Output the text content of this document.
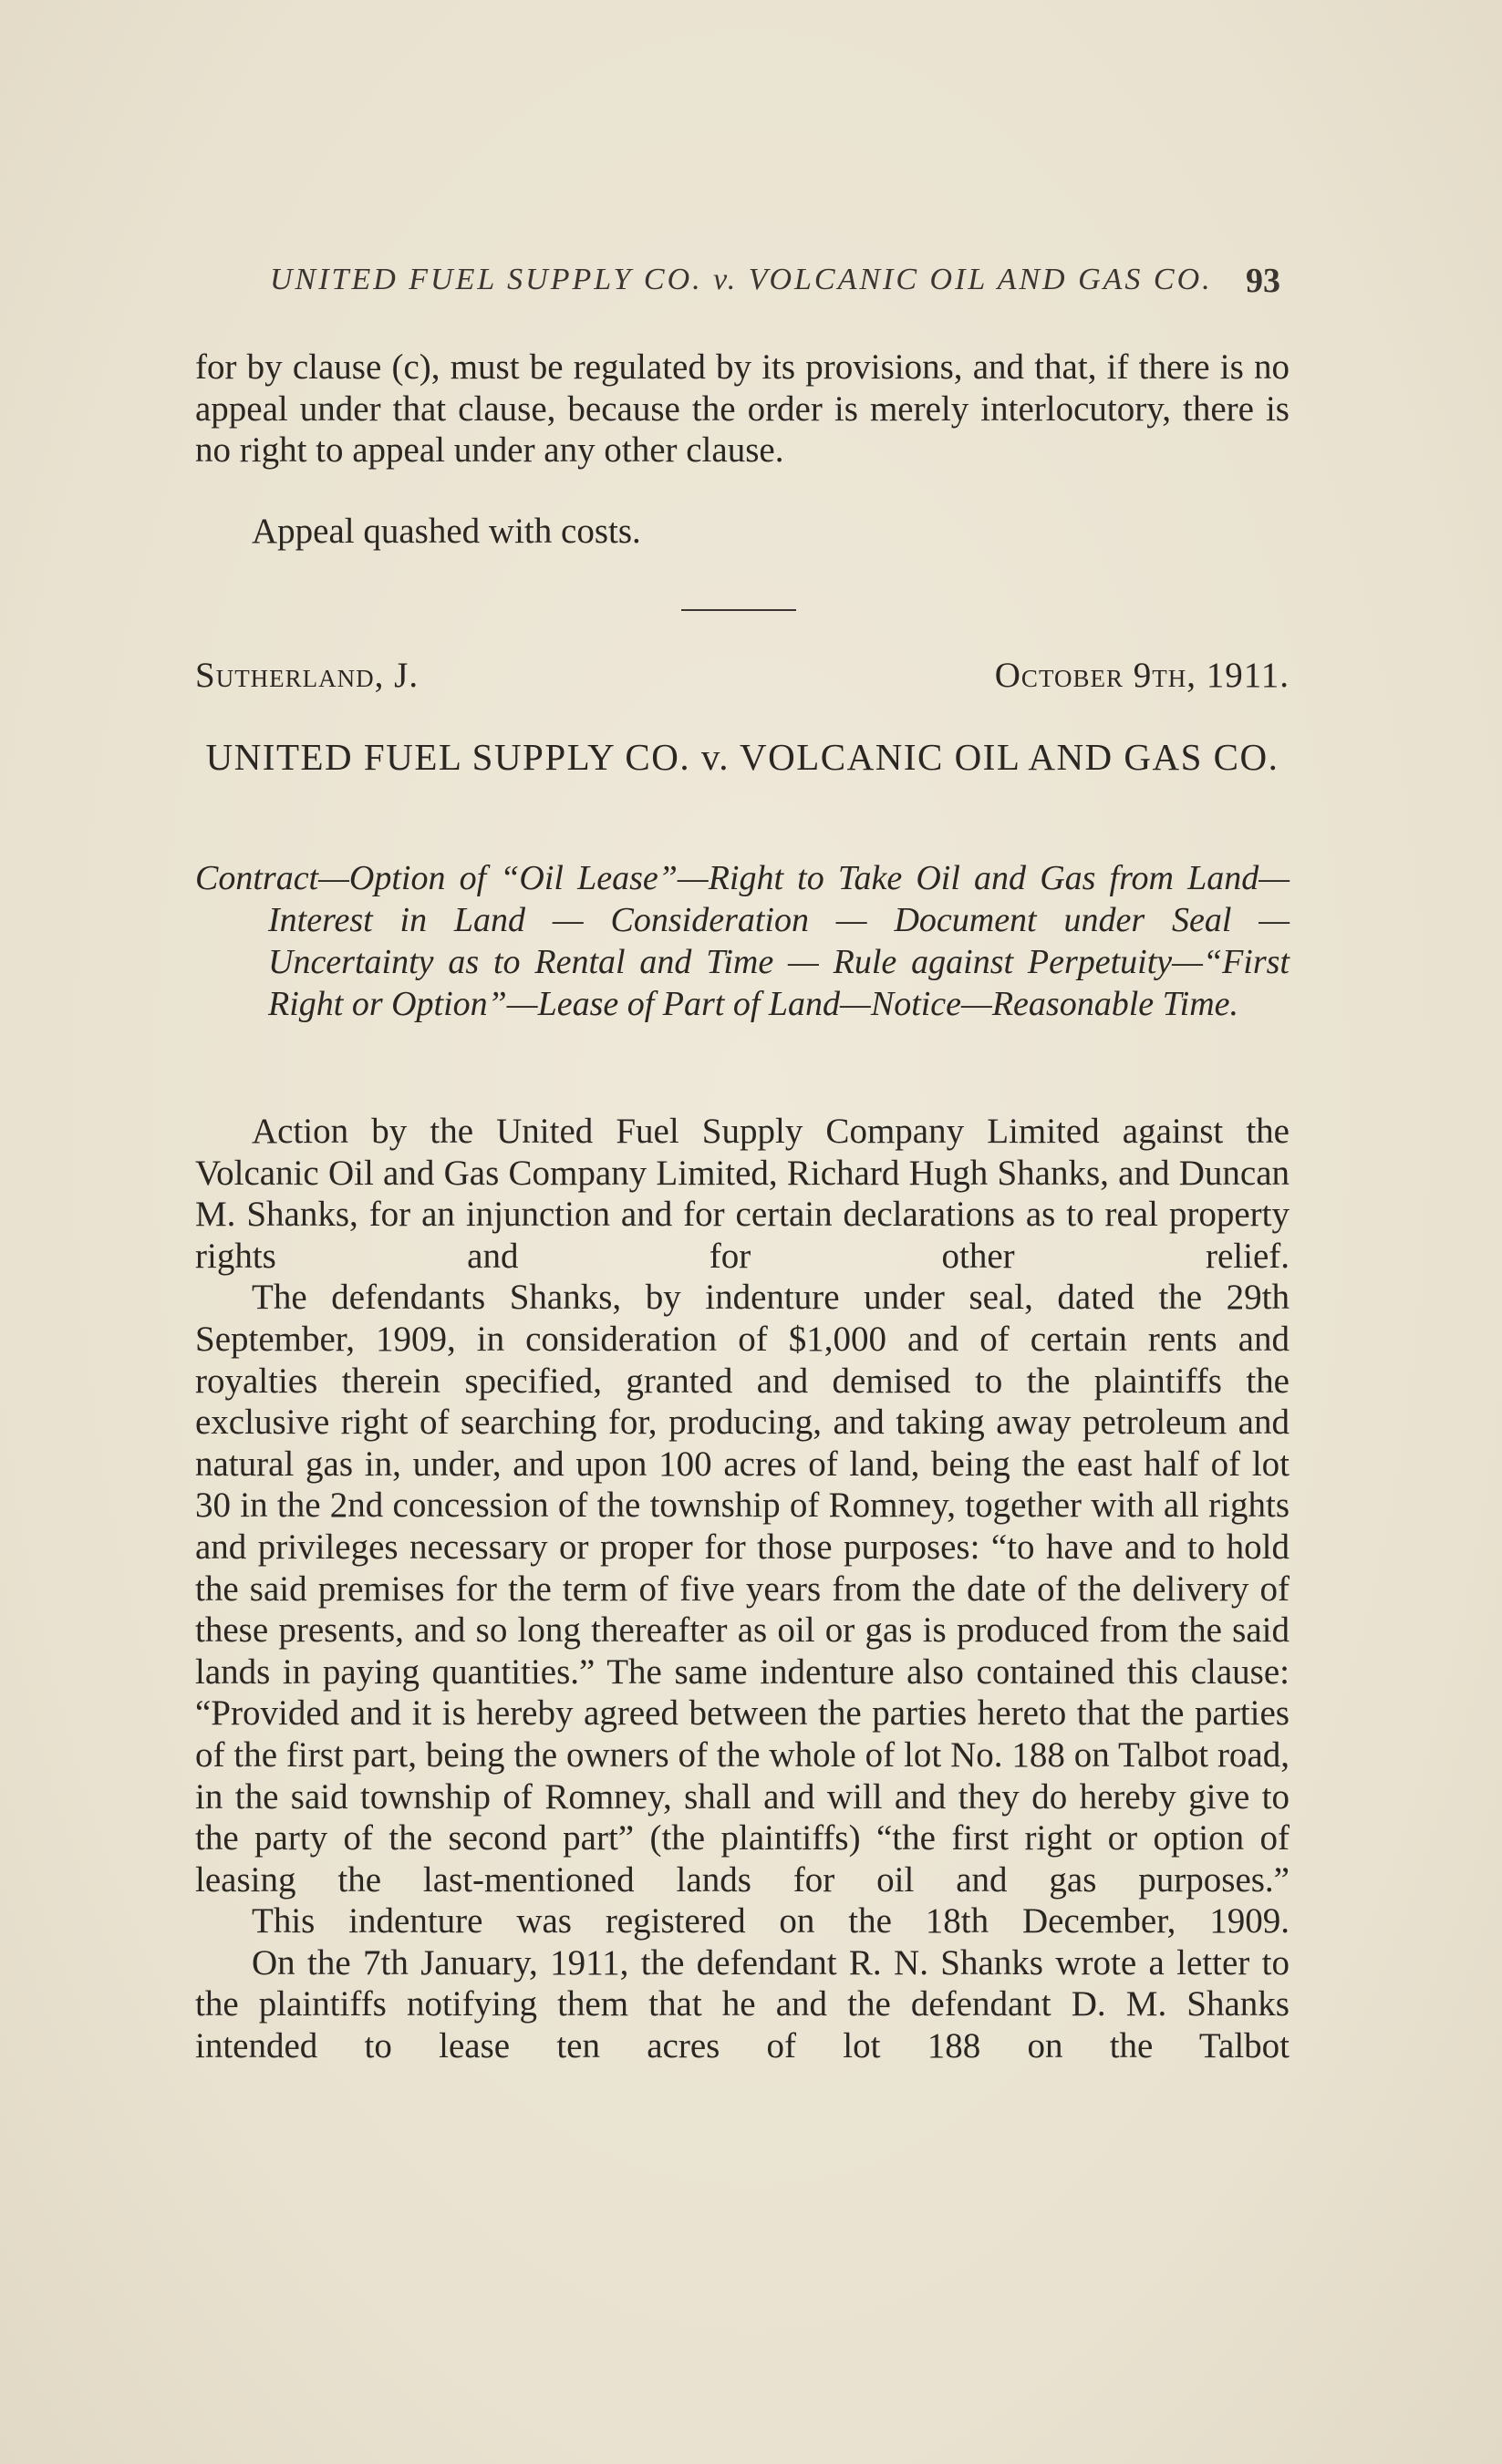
UNITED FUEL SUPPLY CO. v. VOLCANIC OIL AND GAS CO. 93

for by clause (c), must be regulated by its provisions, and that, if there is no appeal under that clause, because the order is merely interlocutory, there is no right to appeal under any other clause.

Appeal quashed with costs.

Sutherland, J.	October 9th, 1911.
UNITED FUEL SUPPLY CO. v. VOLCANIC OIL AND GAS CO.
Contract—Option of “Oil Lease”—Right to Take Oil and Gas from Land—Interest in Land — Consideration — Document under Seal — Uncertainty as to Rental and Time — Rule against Perpetuity—“First Right or Option”—Lease of Part of Land—Notice—Reasonable Time.

Action by the United Fuel Supply Company Limited against the Volcanic Oil and Gas Company Limited, Richard Hugh Shanks, and Duncan M. Shanks, for an injunction and for certain declarations as to real property rights and for other relief.

The defendants Shanks, by indenture under seal, dated the 29th September, 1909, in consideration of $1,000 and of certain rents and royalties therein specified, granted and demised to the plaintiffs the exclusive right of searching for, producing, and taking away petroleum and natural gas in, under, and upon 100 acres of land, being the east half of lot 30 in the 2nd concession of the township of Romney, together with all rights and privileges necessary or proper for those purposes: “to have and to hold the said premises for the term of five years from the date of the delivery of these presents, and so long thereafter as oil or gas is produced from the said lands in paying quantities.” The same indenture also contained this clause: “Provided and it is hereby agreed between the parties hereto that the parties of the first part, being the owners of the whole of lot No. 188 on Talbot road, in the said township of Romney, shall and will and they do hereby give to the party of the second part” (the plaintiffs) “the first right or option of leasing the last-mentioned lands for oil and gas purposes.”

This indenture was registered on the 18th December, 1909.

On the 7th January, 1911, the defendant R. N. Shanks wrote a letter to the plaintiffs notifying them that he and the defendant D. M. Shanks intended to lease ten acres of lot 188 on the Talbot
